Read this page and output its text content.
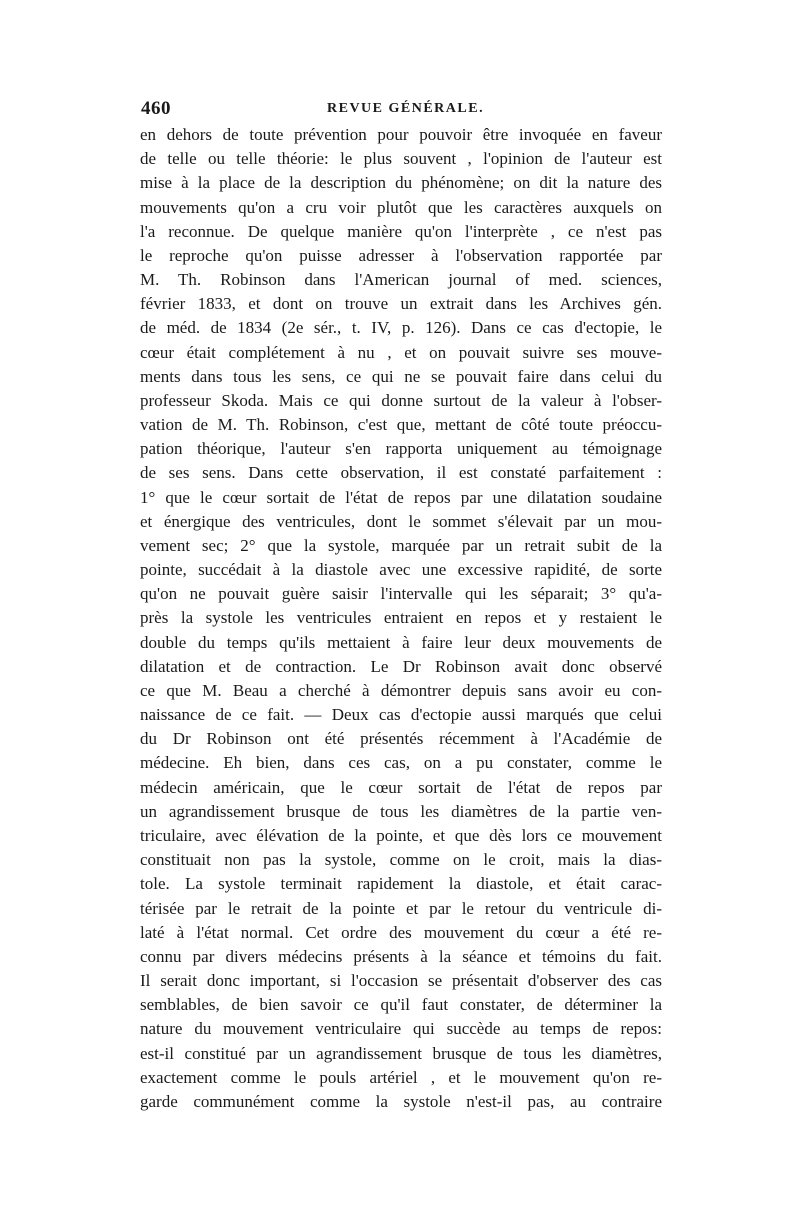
460	REVUE GÉNÉRALE.
en dehors de toute prévention pour pouvoir être invoquée en faveur
de telle ou telle théorie: le plus souvent , l'opinion de l'auteur est
mise à la place de la description du phénomène; on dit la nature des
mouvements qu'on a cru voir plutôt que les caractères auxquels on
l'a reconnue. De quelque manière qu'on l'interprète , ce n'est pas
le reproche qu'on puisse adresser à l'observation rapportée par
M. Th. Robinson dans l'American journal of med. sciences,
février 1833, et dont on trouve un extrait dans les Archives gén.
de méd. de 1834 (2e sér., t. IV, p. 126). Dans ce cas d'ectopie, le
cœur était complétement à nu , et on pouvait suivre ses mouve-
ments dans tous les sens, ce qui ne se pouvait faire dans celui du
professeur Skoda. Mais ce qui donne surtout de la valeur à l'obser-
vation de M. Th. Robinson, c'est que, mettant de côté toute préoccu-
pation théorique, l'auteur s'en rapporta uniquement au témoignage
de ses sens. Dans cette observation, il est constaté parfaitement :
1° que le cœur sortait de l'état de repos par une dilatation soudaine
et énergique des ventricules, dont le sommet s'élevait par un mou-
vement sec; 2° que la systole, marquée par un retrait subit de la
pointe, succédait à la diastole avec une excessive rapidité, de sorte
qu'on ne pouvait guère saisir l'intervalle qui les séparait; 3° qu'a-
près la systole les ventricules entraient en repos et y restaient le
double du temps qu'ils mettaient à faire leur deux mouvements de
dilatation et de contraction. Le Dr Robinson avait donc observé
ce que M. Beau a cherché à démontrer depuis sans avoir eu con-
naissance de ce fait. — Deux cas d'ectopie aussi marqués que celui
du Dr Robinson ont été présentés récemment à l'Académie de
médecine. Eh bien, dans ces cas, on a pu constater, comme le
médecin américain, que le cœur sortait de l'état de repos par
un agrandissement brusque de tous les diamètres de la partie ven-
triculaire, avec élévation de la pointe, et que dès lors ce mouvement
constituait non pas la systole, comme on le croit, mais la dias-
tole. La systole terminait rapidement la diastole, et était carac-
térisée par le retrait de la pointe et par le retour du ventricule di-
laté à l'état normal. Cet ordre des mouvement du cœur a été re-
connu par divers médecins présents à la séance et témoins du fait.
Il serait donc important, si l'occasion se présentait d'observer des cas
semblables, de bien savoir ce qu'il faut constater, de déterminer la
nature du mouvement ventriculaire qui succède au temps de repos:
est-il constitué par un agrandissement brusque de tous les diamètres,
exactement comme le pouls artériel , et le mouvement qu'on re-
garde communément comme la systole n'est-il pas, au contraire
